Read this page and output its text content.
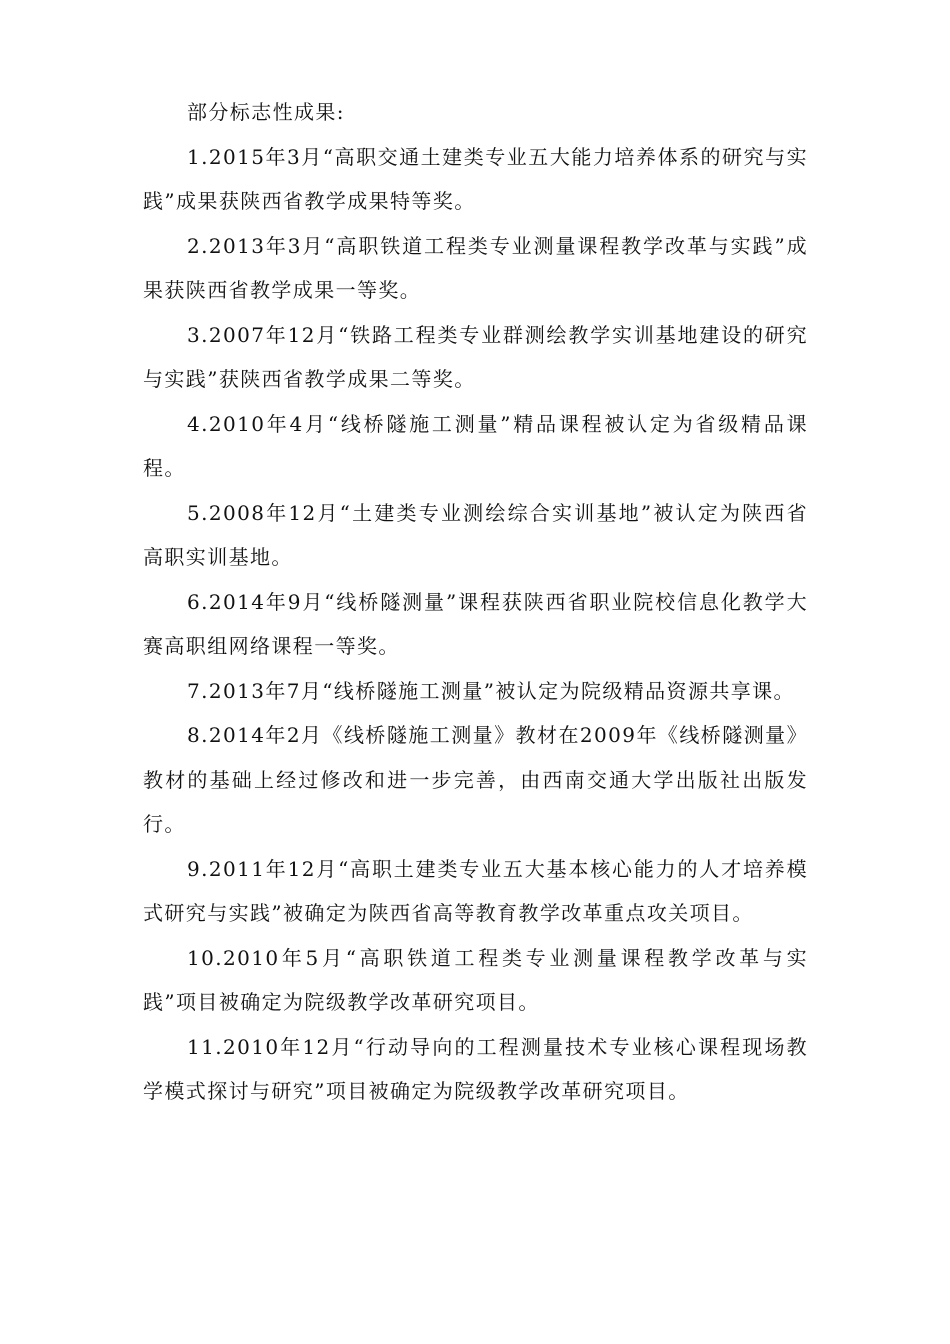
部分标志性成果:

1.2015年3月“高职交通土建类专业五大能力培养体系的研究与实践”成果获陕西省教学成果特等奖。

2.2013年3月“高职铁道工程类专业测量课程教学改革与实践”成果获陕西省教学成果一等奖。

3.2007年12月“铁路工程类专业群测绘教学实训基地建设的研究与实践”获陕西省教学成果二等奖。

4.2010年4月“线桥隧施工测量”精品课程被认定为省级精品课程。

5.2008年12月“土建类专业测绘综合实训基地”被认定为陕西省高职实训基地。

6.2014年9月“线桥隧测量”课程获陕西省职业院校信息化教学大赛高职组网络课程一等奖。

7.2013年7月“线桥隧施工测量”被认定为院级精品资源共享课。

8.2014年2月《线桥隧施工测量》教材在2009年《线桥隧测量》教材的基础上经过修改和进一步完善，由西南交通大学出版社出版发行。

9.2011年12月“高职土建类专业五大基本核心能力的人才培养模式研究与实践”被确定为陕西省高等教育教学改革重点攻关项目。

10.2010年5月“高职铁道工程类专业测量课程教学改革与实践”项目被确定为院级教学改革研究项目。

11.2010年12月“行动导向的工程测量技术专业核心课程现场教学模式探讨与研究”项目被确定为院级教学改革研究项目。
